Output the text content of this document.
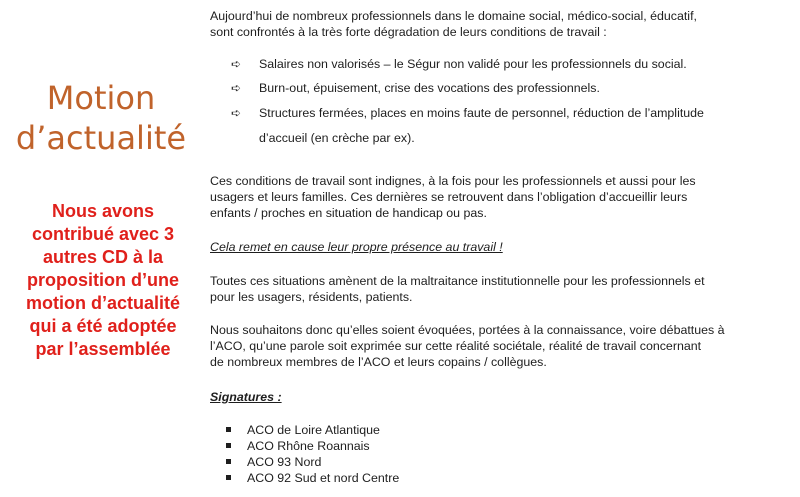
Motion
d’actualité
Nous avons
contribué avec 3
autres CD à la
proposition d’une
motion d’actualité
qui a été adoptée
par l’assemblée
Aujourd’hui de nombreux professionnels dans le domaine social, médico-social, éducatif,
sont confrontés à la très forte dégradation de leurs conditions de travail :
➪ Salaires non valorisés – le Ségur non validé pour les professionnels du social.
➪ Burn-out, épuisement, crise des vocations des professionnels.
➪ Structures fermées, places en moins faute de personnel, réduction de l’amplitude
d’accueil (en crèche par ex).
Ces conditions de travail sont indignes, à la fois pour les professionnels et aussi pour les
usagers et leurs familles. Ces dernières se retrouvent dans l’obligation d’accueillir leurs
enfants / proches en situation de handicap ou pas.
Cela remet en cause leur propre présence au travail !
Toutes ces situations amènent de la maltraitance institutionnelle pour les professionnels et
pour les usagers, résidents, patients.
Nous souhaitons donc qu’elles soient évoquées, portées à la connaissance, voire débattues à
l’ACO, qu’une parole soit exprimée sur cette réalité sociétale, réalité de travail concernant
de nombreux membres de l’ACO et leurs copains / collègues.
Signatures :
ACO de Loire Atlantique
ACO Rhône Roannais
ACO 93 Nord
ACO 92 Sud et nord Centre
